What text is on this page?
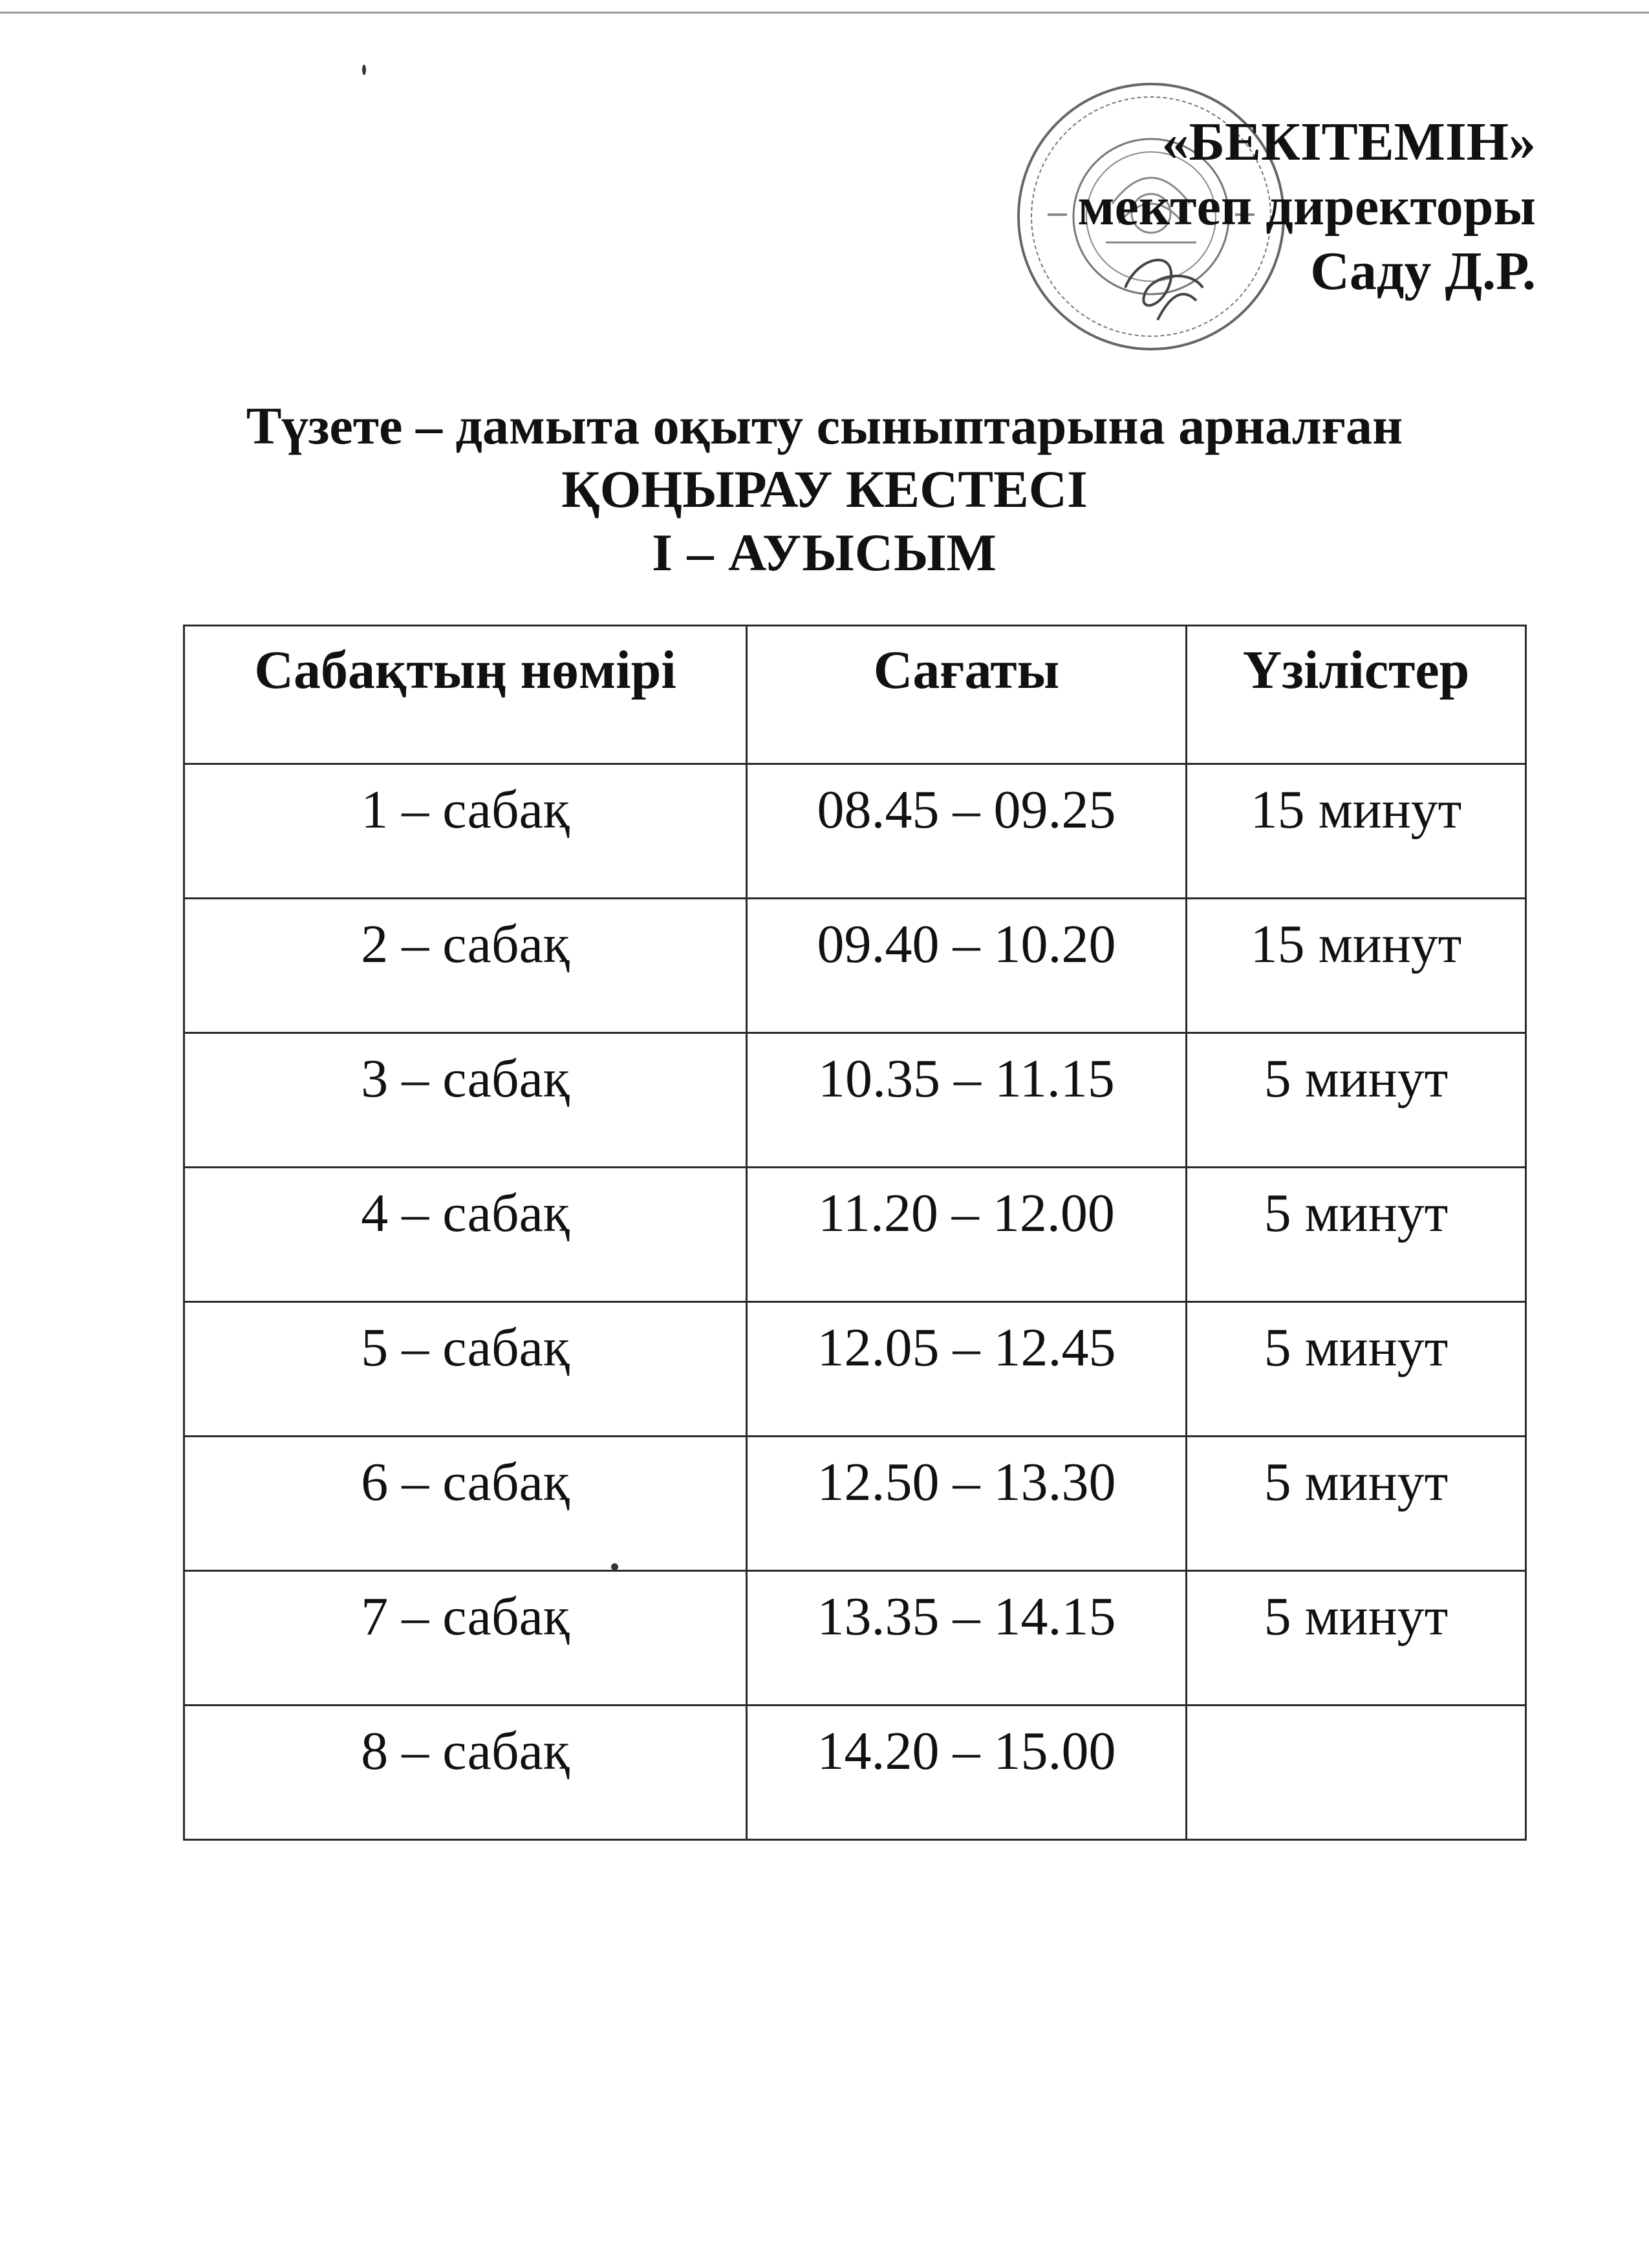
«БЕКІТЕМІН»
мектеп директоры
Саду Д.Р.
Түзете – дамыта оқыту сыныптарына арналған
ҚОҢЫРАУ КЕСТЕСІ
І – АУЫСЫМ
Сабақтың нөмірі	Сағаты	Үзілістер
1 – сабақ	08.45 – 09.25	15 минут
2 – сабақ	09.40 – 10.20	15 минут
3 – сабақ	10.35 – 11.15	5 минут
4 – сабақ	11.20 – 12.00	5 минут
5 – сабақ	12.05 – 12.45	5 минут
6 – сабақ	12.50 – 13.30	5 минут
7 – сабақ	13.35 – 14.15	5 минут
8 – сабақ	14.20 – 15.00	
